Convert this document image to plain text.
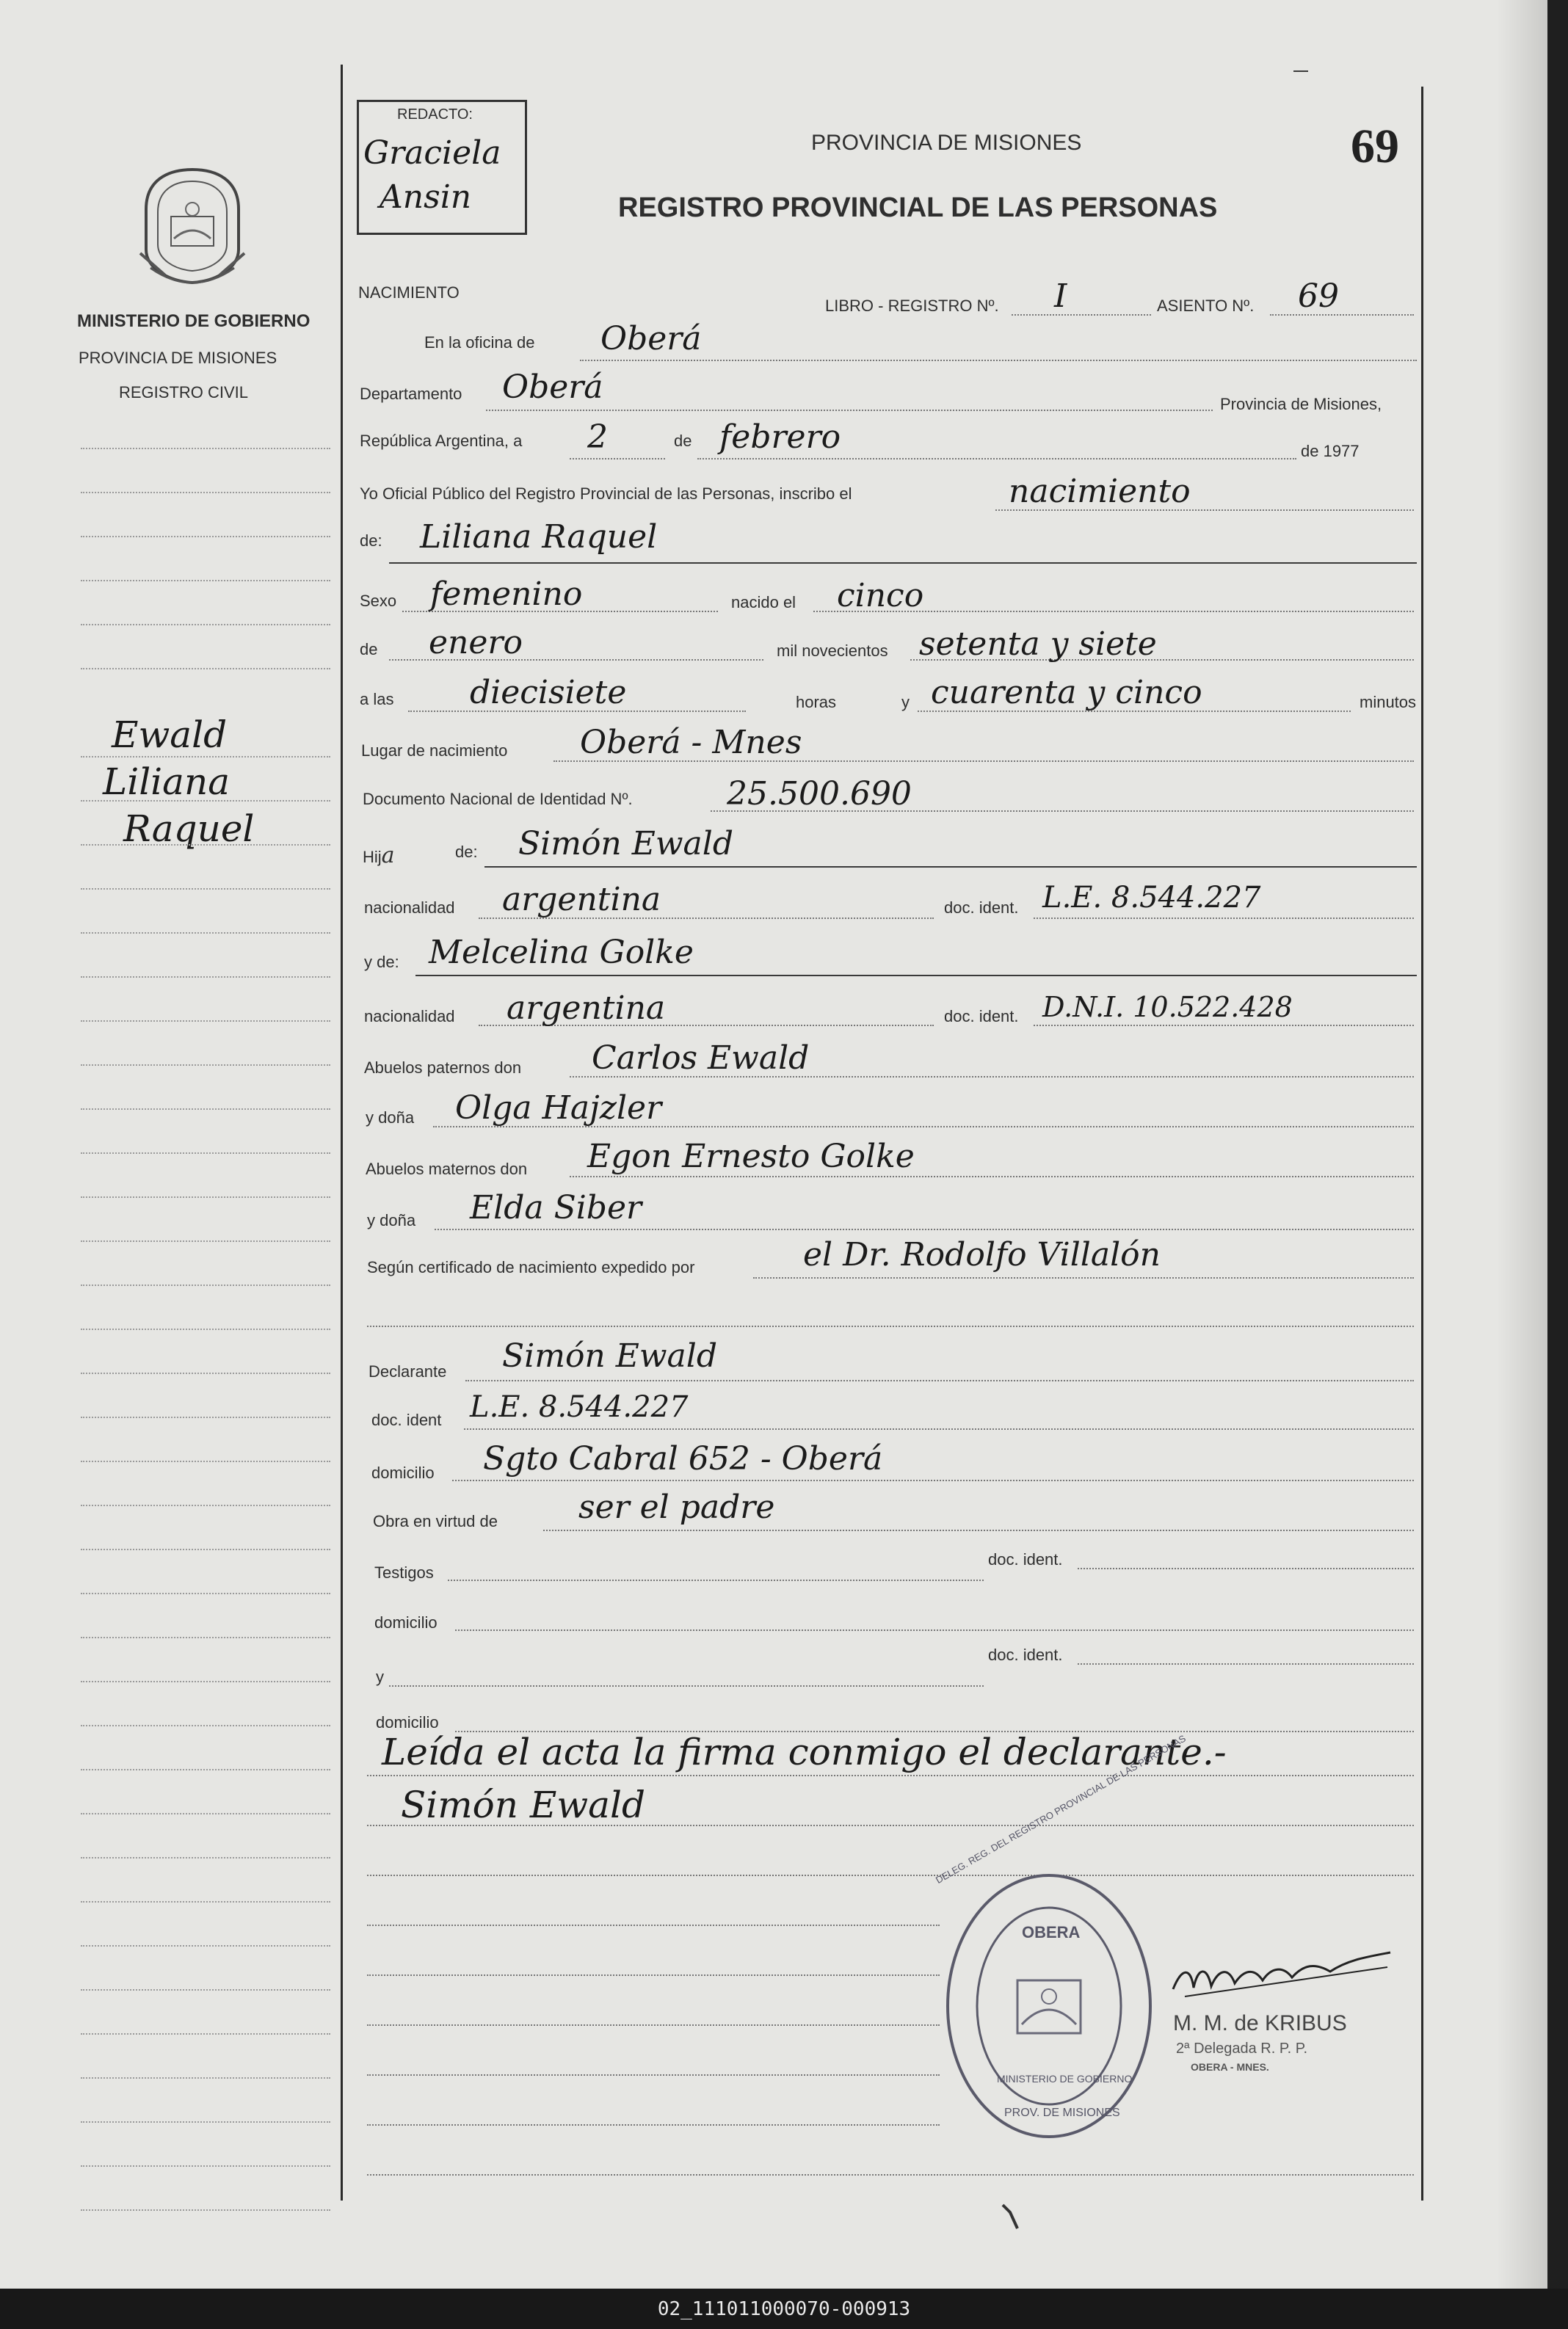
MINISTERIO DE GOBIERNO
PROVINCIA DE MISIONES
REGISTRO CIVIL
Ewald
Liliana
Raquel
REDACTO:
Graciela
Ansin
PROVINCIA DE MISIONES
REGISTRO PROVINCIAL DE LAS PERSONAS
69
NACIMIENTO
LIBRO - REGISTRO Nº. I	ASIENTO Nº. 69
En la oficina de Oberá
Departamento Oberá	Provincia de Misiones,
República Argentina, a 2	de febrero	de 1977
Yo Oficial Público del Registro Provincial de las Personas, inscribo el	nacimiento
de: Liliana Raquel
Sexo femenino	nacido el cinco
de enero	mil novecientos setenta y siete
a las diecisiete	horas	y cuarenta y cinco	minutos
Lugar de nacimiento Oberá - Mnes
Documento Nacional de Identidad Nº.	25.500.690
Hija	de: Simón Ewald
nacionalidad argentina	doc. ident. L.E. 8.544.227
y de: Melcelina Golke
nacionalidad argentina	doc. ident. D.N.I. 10.522.428
Abuelos paternos don Carlos Ewald
y doña Olga Hajzler
Abuelos maternos don Egon Ernesto Golke
y doña Elda Siber
Según certificado de nacimiento expedido por	el Dr. Rodolfo Villalón
Declarante Simón Ewald
doc. ident L.E. 8.544.227
domicilio Sgto Cabral 652 - Oberá
Obra en virtud de	ser el padre
Testigos
doc. ident.
domicilio
doc. ident.
y
domicilio
Leída el acta la firma conmigo el declarante.-
Simón Ewald	DELEG. REG. DEL REGISTRO PROVINCIAL DE LAS PERSONAS
OBERA
MINISTERIO DE GOBIERNO
PROV. DE MISIONES
M. M. de KRIBUS
2ª Delegada R. P. P.
OBERA - MNES.
02_111011000070-000913
